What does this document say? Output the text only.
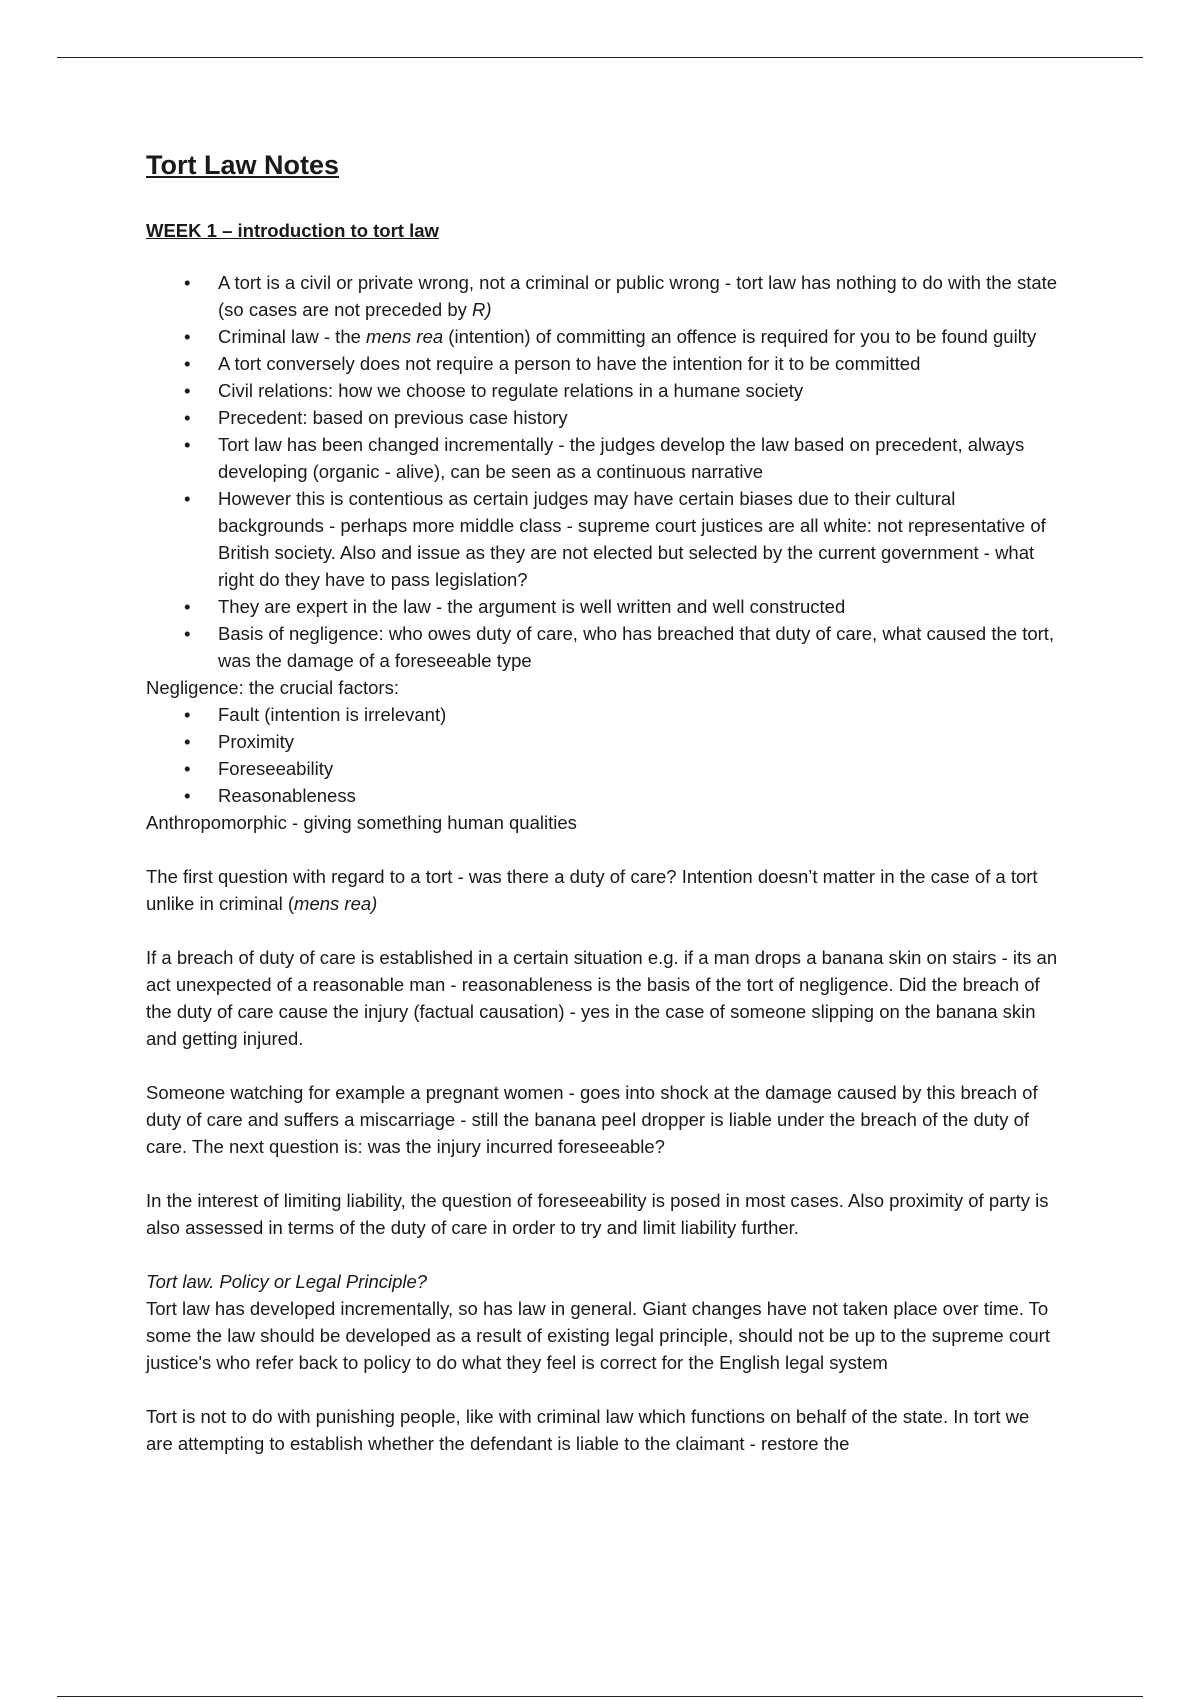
Tort Law Notes
WEEK 1 – introduction to tort law
• A tort is a civil or private wrong, not a criminal or public wrong - tort law has nothing to do with the state (so cases are not preceded by R)
• Criminal law - the mens rea (intention) of committing an offence is required for you to be found guilty
• A tort conversely does not require a person to have the intention for it to be committed
• Civil relations: how we choose to regulate relations in a humane society
• Precedent: based on previous case history
• Tort law has been changed incrementally - the judges develop the law based on precedent, always developing (organic - alive), can be seen as a continuous narrative
• However this is contentious as certain judges may have certain biases due to their cultural backgrounds - perhaps more middle class - supreme court justices are all white: not representative of British society. Also and issue as they are not elected but selected by the current government - what right do they have to pass legislation?
• They are expert in the law - the argument is well written and well constructed
• Basis of negligence: who owes duty of care, who has breached that duty of care, what caused the tort, was the damage of a foreseeable type

Negligence: the crucial factors:

• Fault (intention is irrelevant)
• Proximity
• Foreseeability
• Reasonableness

Anthropomorphic - giving something human qualities

The first question with regard to a tort - was there a duty of care? Intention doesn’t matter in the case of a tort unlike in criminal (mens rea)

If a breach of duty of care is established in a certain situation e.g. if a man drops a banana skin on stairs - its an act unexpected of a reasonable man - reasonableness is the basis of the tort of negligence. Did the breach of the duty of care cause the injury (factual causation) - yes in the case of someone slipping on the banana skin and getting injured.

Someone watching for example a pregnant women - goes into shock at the damage caused by this breach of duty of care and suffers a miscarriage - still the banana peel dropper is liable under the breach of the duty of care. The next question is: was the injury incurred foreseeable?

In the interest of limiting liability, the question of foreseeability is posed in most cases. Also proximity of party is also assessed in terms of the duty of care in order to try and limit liability further.

Tort law. Policy or Legal Principle?

Tort law has developed incrementally, so has law in general. Giant changes have not taken place over time. To some the law should be developed as a result of existing legal principle, should not be up to the supreme court justice's who refer back to policy to do what they feel is correct for the English legal system

Tort is not to do with punishing people, like with criminal law which functions on behalf of the state. In tort we are attempting to establish whether the defendant is liable to the claimant - restore the
